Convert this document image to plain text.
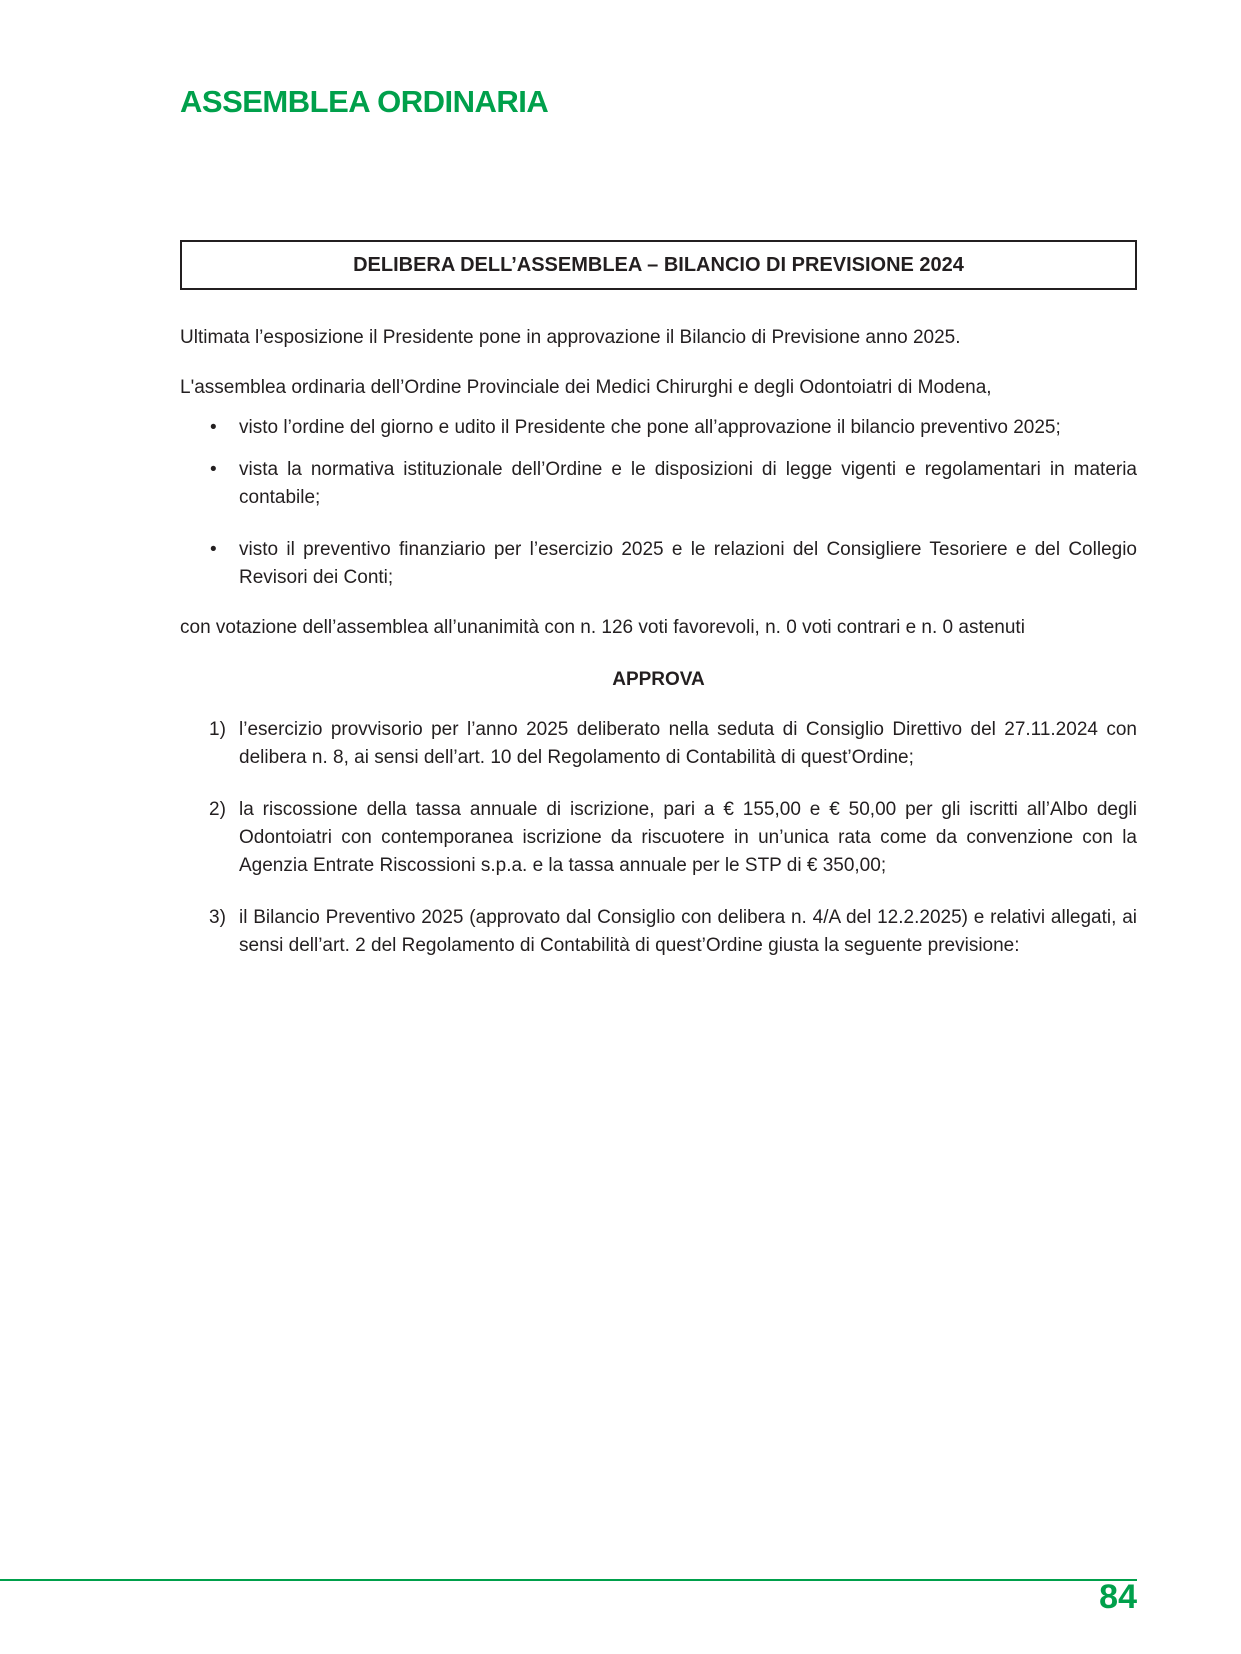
ASSEMBLEA ORDINARIA
DELIBERA DELL’ASSEMBLEA – BILANCIO DI PREVISIONE 2024

Ultimata l’esposizione il Presidente pone in approvazione il Bilancio di Previsione anno 2025.

L'assemblea ordinaria dell’Ordine Provinciale dei Medici Chirurghi e degli Odontoiatri di Modena,

• visto l’ordine del giorno e udito il Presidente che pone all’approvazione il bilancio preventivo 2025;
• vista la normativa istituzionale dell’Ordine e le disposizioni di legge vigenti e regolamentari in materia contabile;
• visto il preventivo finanziario per l’esercizio 2025 e le relazioni del Consigliere Tesoriere e del Collegio Revisori dei Conti;

con votazione dell’assemblea all’unanimità con n. 126 voti favorevoli, n. 0 voti contrari e n. 0 astenuti

APPROVA

1) l’esercizio provvisorio per l’anno 2025 deliberato nella seduta di Consiglio Direttivo del 27.11.2024 con delibera n. 8, ai sensi dell’art. 10 del Regolamento di Contabilità di quest’Ordine;
2) la riscossione della tassa annuale di iscrizione, pari a € 155,00 e € 50,00 per gli iscritti all’Albo degli Odontoiatri con contemporanea iscrizione da riscuotere in un’unica rata come da convenzione con la Agenzia Entrate Riscossioni s.p.a. e la tassa annuale per le STP di € 350,00;
3) il Bilancio Preventivo 2025 (approvato dal Consiglio con delibera n. 4/A del 12.2.2025) e relativi allegati, ai sensi dell’art. 2 del Regolamento di Contabilità di quest’Ordine giusta la seguente previsione:
84
